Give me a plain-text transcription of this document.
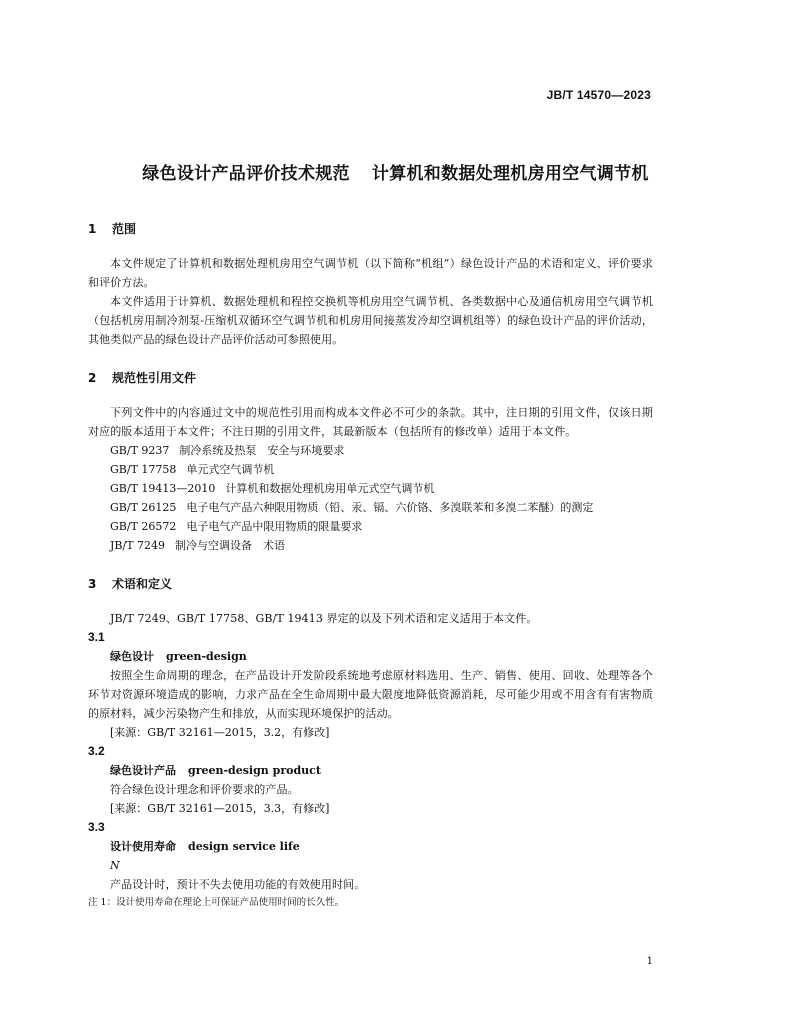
JB/T 14570—2023
绿色设计产品评价技术规范 计算机和数据处理机房用空气调节机
1 范围

本文件规定了计算机和数据处理机房用空气调节机（以下简称“机组”）绿色设计产品的术语和定义、评价要求和评价方法。

本文件适用于计算机、数据处理机和程控交换机等机房用空气调节机、各类数据中心及通信机房用空气调节机（包括机房用制冷剂泵-压缩机双循环空气调节机和机房用间接蒸发冷却空调机组等）的绿色设计产品的评价活动，其他类似产品的绿色设计产品评价活动可参照使用。

2 规范性引用文件

下列文件中的内容通过文中的规范性引用而构成本文件必不可少的条款。其中，注日期的引用文件，仅该日期对应的版本适用于本文件；不注日期的引用文件，其最新版本（包括所有的修改单）适用于本文件。

GB/T 9237 制冷系统及热泵　安全与环境要求
GB/T 17758 单元式空气调节机
GB/T 19413—2010 计算机和数据处理机房用单元式空气调节机
GB/T 26125 电子电气产品六种限用物质（铅、汞、镉、六价铬、多溴联苯和多溴二苯醚）的测定
GB/T 26572 电子电气产品中限用物质的限量要求
JB/T 7249 制冷与空调设备　术语
3 术语和定义

JB/T 7249、GB/T 17758、GB/T 19413 界定的以及下列术语和定义适用于本文件。

3.1
绿色设计 green-design

按照全生命周期的理念，在产品设计开发阶段系统地考虑原材料选用、生产、销售、使用、回收、处理等各个环节对资源环境造成的影响，力求产品在全生命周期中最大限度地降低资源消耗，尽可能少用或不用含有有害物质的原材料，减少污染物产生和排放，从而实现环境保护的活动。

[来源：GB/T 32161—2015，3.2，有修改]
3.2
绿色设计产品 green-design product

符合绿色设计理念和评价要求的产品。

[来源：GB/T 32161—2015，3.3，有修改]
3.3
设计使用寿命 design service life
N

产品设计时，预计不失去使用功能的有效使用时间。

注 1：设计使用寿命在理论上可保证产品使用时间的长久性。
1
